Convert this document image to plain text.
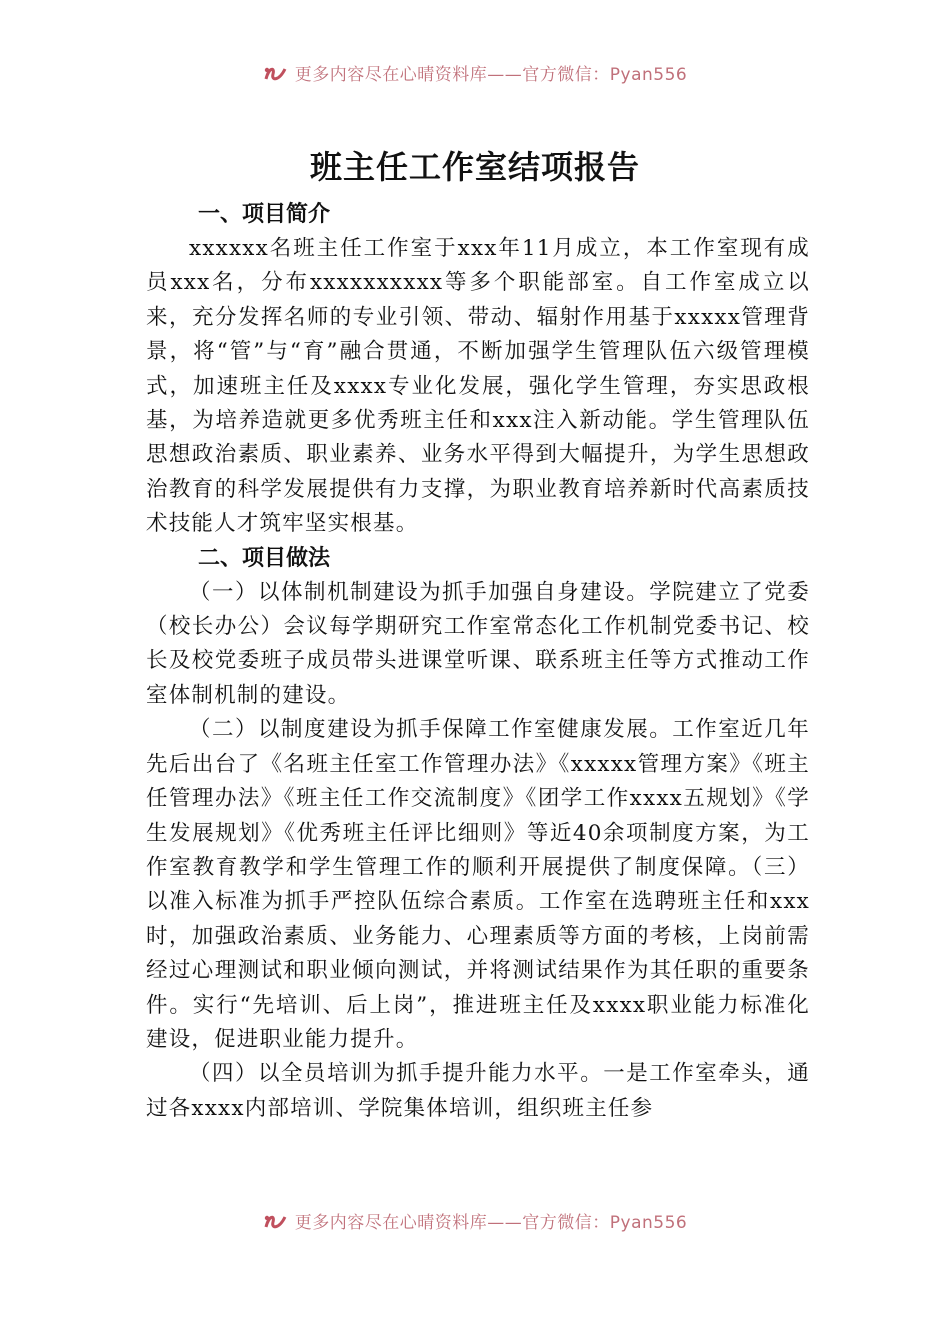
更多内容尽在心晴资料库——官方微信：Pyan556
班主任工作室结项报告

一、项目简介

xxxxxx名班主任工作室于xxx年11月成立，本工作室现有成员xxx名，分布xxxxxxxxxx等多个职能部室。自工作室成立以来，充分发挥名师的专业引领、带动、辐射作用基于xxxxx管理背景，将“管”与“育”融合贯通，不断加强学生管理队伍六级管理模式，加速班主任及xxxx专业化发展，强化学生管理，夯实思政根基，为培养造就更多优秀班主任和xxx注入新动能。学生管理队伍思想政治素质、职业素养、业务水平得到大幅提升，为学生思想政治教育的科学发展提供有力支撑，为职业教育培养新时代高素质技术技能人才筑牢坚实根基。

二、项目做法

（一）以体制机制建设为抓手加强自身建设。学院建立了党委（校长办公）会议每学期研究工作室常态化工作机制党委书记、校长及校党委班子成员带头进课堂听课、联系班主任等方式推动工作室体制机制的建设。

（二）以制度建设为抓手保障工作室健康发展。工作室近几年先后出台了《名班主任室工作管理办法》《xxxxx管理方案》《班主任管理办法》《班主任工作交流制度》《团学工作xxxx五规划》《学生发展规划》《优秀班主任评比细则》等近40余项制度方案，为工作室教育教学和学生管理工作的顺利开展提供了制度保障。（三）以准入标准为抓手严控队伍综合素质。工作室在选聘班主任和xxx时，加强政治素质、业务能力、心理素质等方面的考核，上岗前需经过心理测试和职业倾向测试，并将测试结果作为其任职的重要条件。实行“先培训、后上岗”，推进班主任及xxxx职业能力标准化建设，促进职业能力提升。

（四）以全员培训为抓手提升能力水平。一是工作室牵头，通过各xxxx内部培训、学院集体培训，组织班主任参

更多内容尽在心晴资料库——官方微信：Pyan556
